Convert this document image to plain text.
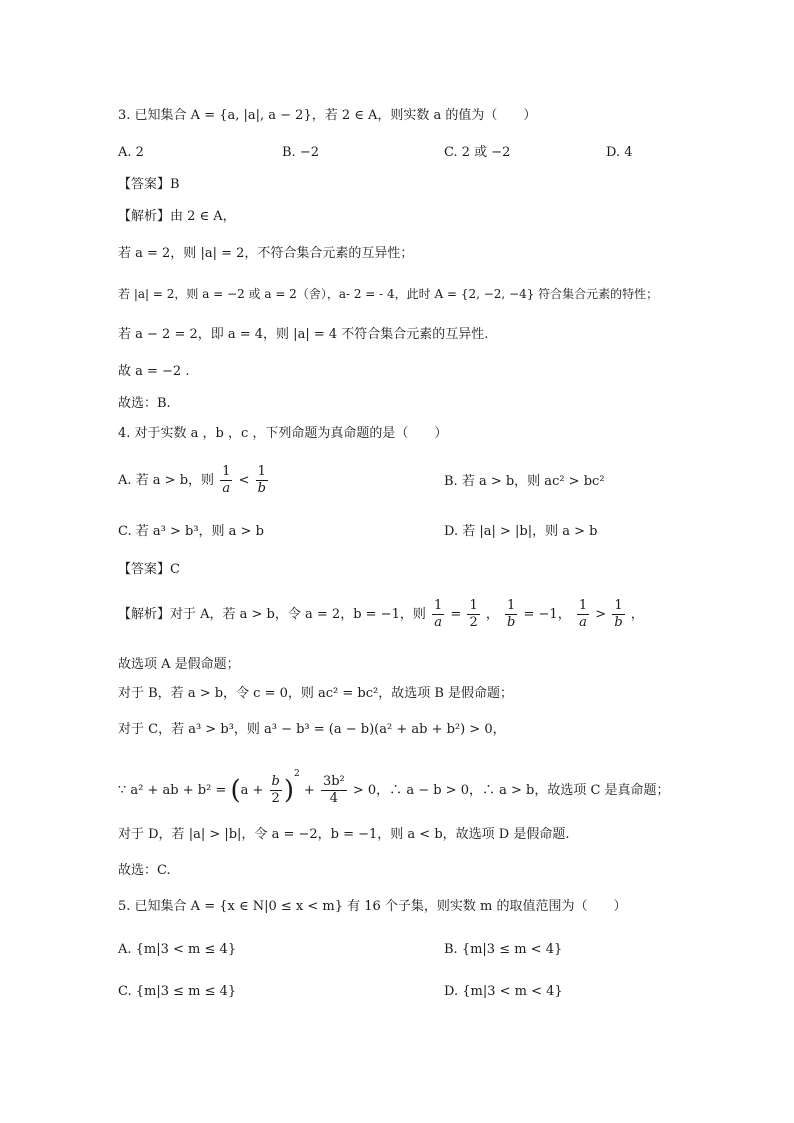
3. 已知集合 A = {a, |a|, a − 2}，若 2 ∈ A，则实数 a 的值为（　　）
A. 2	B. −2	C. 2 或 −2	D. 4
【答案】B
【解析】由 2 ∈ A，
若 a = 2，则 |a| = 2，不符合集合元素的互异性；
若 |a| = 2，则 a = −2 或 a = 2（舍），a- 2 = - 4，此时 A = {2, −2, −4} 符合集合元素的特性；
若 a − 2 = 2，即 a = 4，则 |a| = 4 不符合集合元素的互异性.
故 a = −2 .
故选：B.
4. 对于实数 a ，b ，c ，下列命题为真命题的是（　　）
A. 若 a > b，则 $\frac{1}{a} < \frac{1}{b}$	B. 若 a > b，则 ac² > bc²
C. 若 a³ > b³，则 a > b	D. 若 |a| > |b|，则 a > b
【答案】C
【解析】对于 A，若 a > b，令 a = 2，b = −1，则 $\frac{1}{a} = \frac{1}{2}$ ， $\frac{1}{b} = -1$， $\frac{1}{a} > \frac{1}{b}$ ，
故选项 A 是假命题；
对于 B，若 a > b，令 c = 0，则 ac² = bc²，故选项 B 是假命题；
对于 C，若 a³ > b³，则 a³ − b³ = (a − b)(a² + ab + b²) > 0，
∵ a² + ab + $b^2 = (a + \frac{b}{2} )^2 + \frac{\text{3b²}}{4} > 0$，∴ a − b > 0，∴ a > b，故选项 C 是真命题；
对于 D，若 |a| > |b|，令 a = −2，b = −1，则 a < b，故选项 D 是假命题.
故选：C.
5. 已知集合 A = {x ∈ N|0 ≤ x < m} 有 16 个子集，则实数 m 的取值范围为（　　）
A. {m|3 < m ≤ 4}	B. {m|3 ≤ m < 4}
C. {m|3 ≤ m ≤ 4}	D. {m|3 < m < 4}
